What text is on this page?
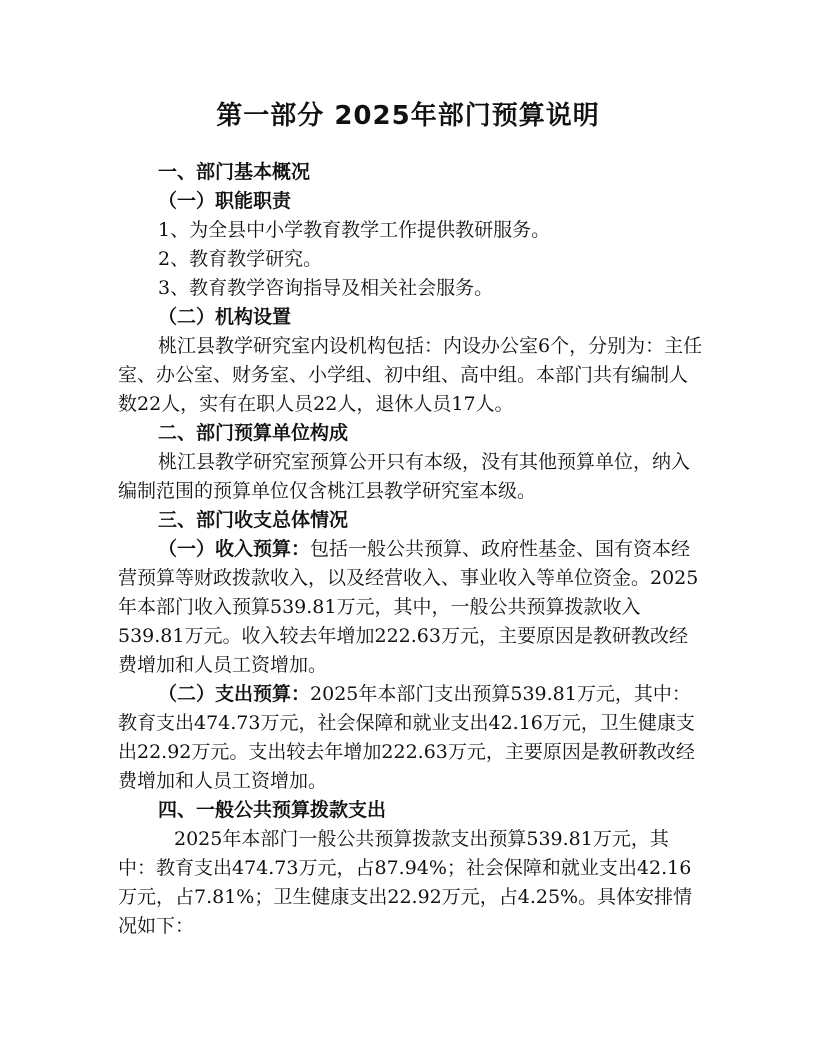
第一部分 2025年部门预算说明

一、部门基本概况

（一）职能职责

1、为全县中小学教育教学工作提供教研服务。

2、教育教学研究。

3、教育教学咨询指导及相关社会服务。

（二）机构设置

桃江县教学研究室内设机构包括：内设办公室6个，分别为：主任室、办公室、财务室、小学组、初中组、高中组。本部门共有编制人数22人，实有在职人员22人，退休人员17人。

二、部门预算单位构成

桃江县教学研究室预算公开只有本级，没有其他预算单位，纳入编制范围的预算单位仅含桃江县教学研究室本级。

三、部门收支总体情况

（一）收入预算：包括一般公共预算、政府性基金、国有资本经营预算等财政拨款收入，以及经营收入、事业收入等单位资金。2025年本部门收入预算539.81万元，其中，一般公共预算拨款收入539.81万元。收入较去年增加222.63万元，主要原因是教研教改经费增加和人员工资增加。

（二）支出预算：2025年本部门支出预算539.81万元，其中：教育支出474.73万元，社会保障和就业支出42.16万元，卫生健康支出22.92万元。支出较去年增加222.63万元，主要原因是教研教改经费增加和人员工资增加。

四、一般公共预算拨款支出

2025年本部门一般公共预算拨款支出预算539.81万元，其中：教育支出474.73万元，占87.94%；社会保障和就业支出42.16万元，占7.81%；卫生健康支出22.92万元，占4.25%。具体安排情况如下：
